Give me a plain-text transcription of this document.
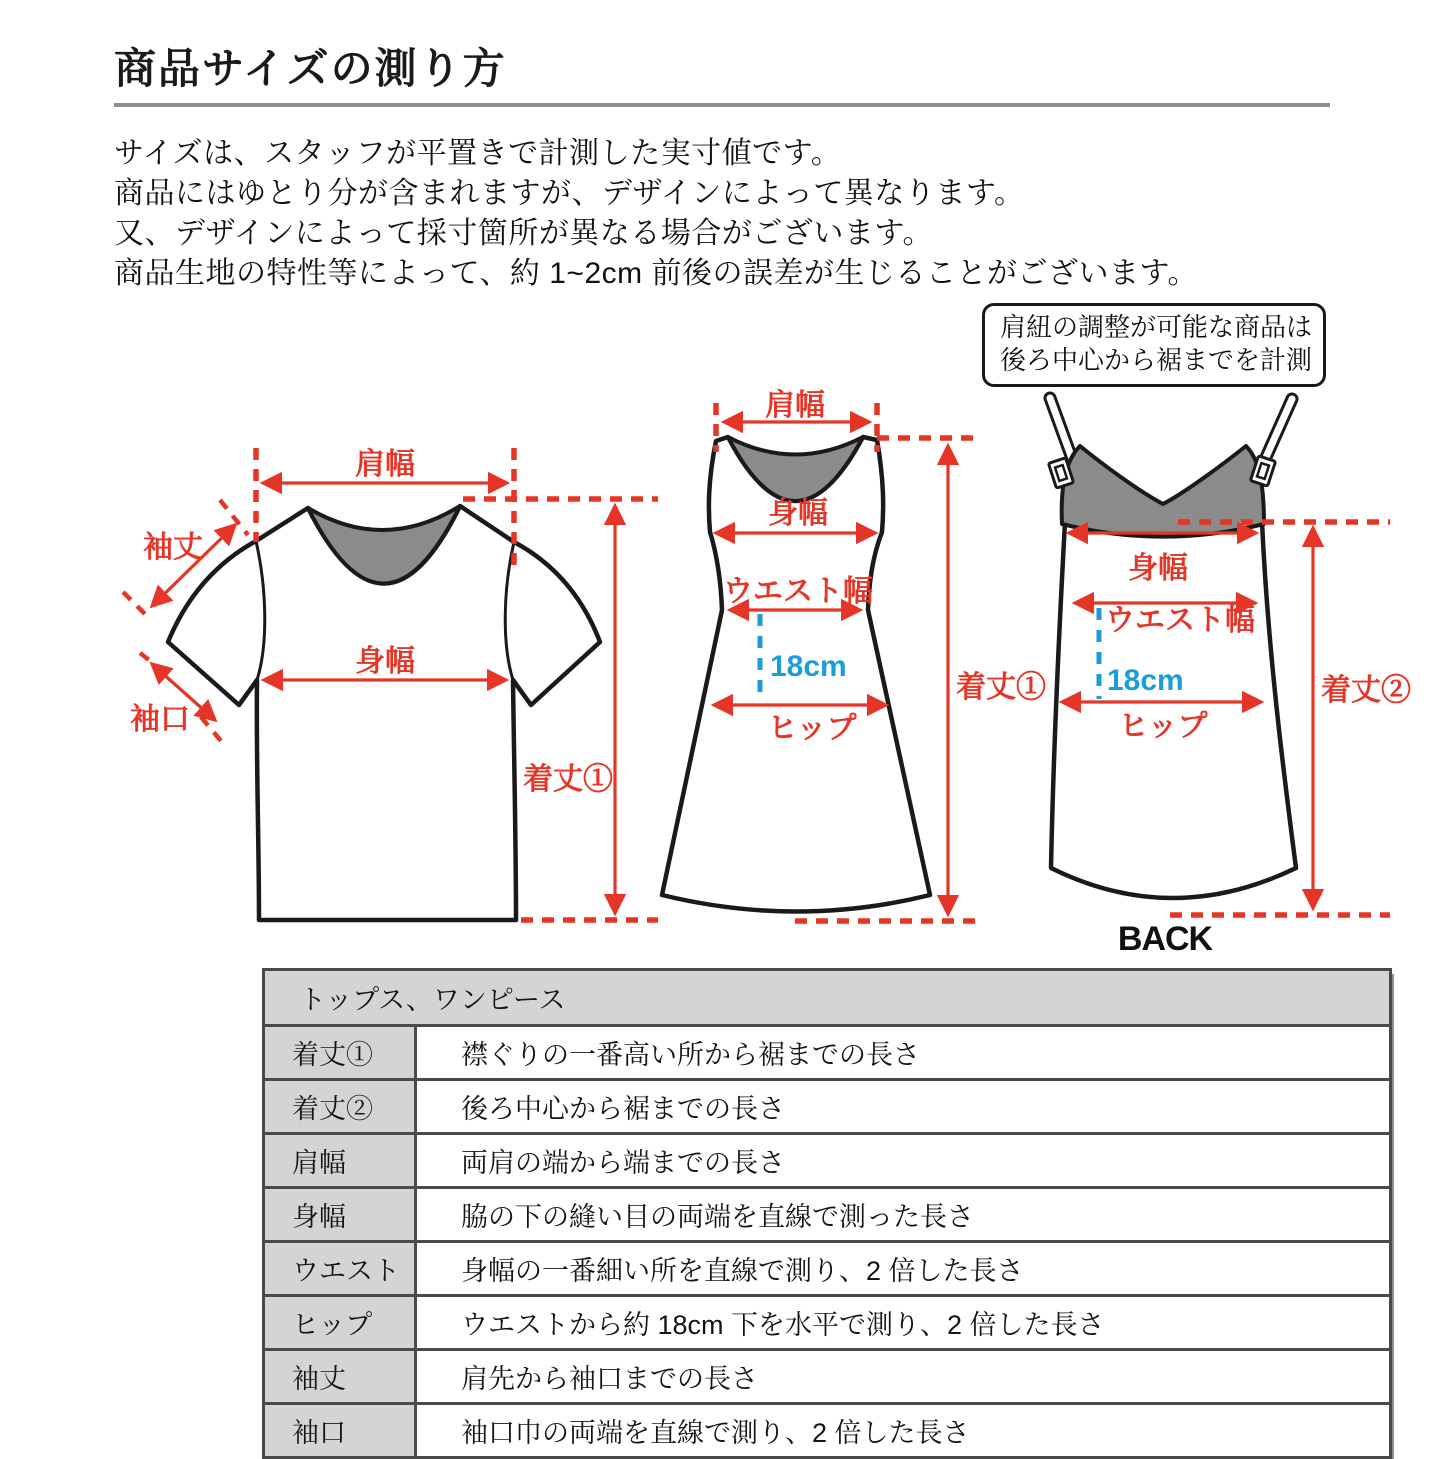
商品サイズの測り方
サイズは、スタッフが平置きで計測した実寸値です。
商品にはゆとり分が含まれますが、デザインによって異なります。
又、デザインによって採寸箇所が異なる場合がございます。
商品生地の特性等によって、約 1~2cm 前後の誤差が生じることがございます。
肩紐の調整が可能な商品は
後ろ中心から裾までを計測
肩幅
袖丈
袖口
身幅
着丈①
肩幅
身幅
ウエスト幅
18cm
ヒップ
着丈①
身幅
ウエスト幅
18cm
ヒップ
着丈②
BACK
トップス、ワンピース	
着丈①	襟ぐりの一番高い所から裾までの長さ
着丈②	後ろ中心から裾までの長さ
肩幅	両肩の端から端までの長さ
身幅	脇の下の縫い目の両端を直線で測った長さ
ウエスト	身幅の一番細い所を直線で測り、2 倍した長さ
ヒップ	ウエストから約 18cm 下を水平で測り、2 倍した長さ
袖丈	肩先から袖口までの長さ
袖口	袖口巾の両端を直線で測り、2 倍した長さ
